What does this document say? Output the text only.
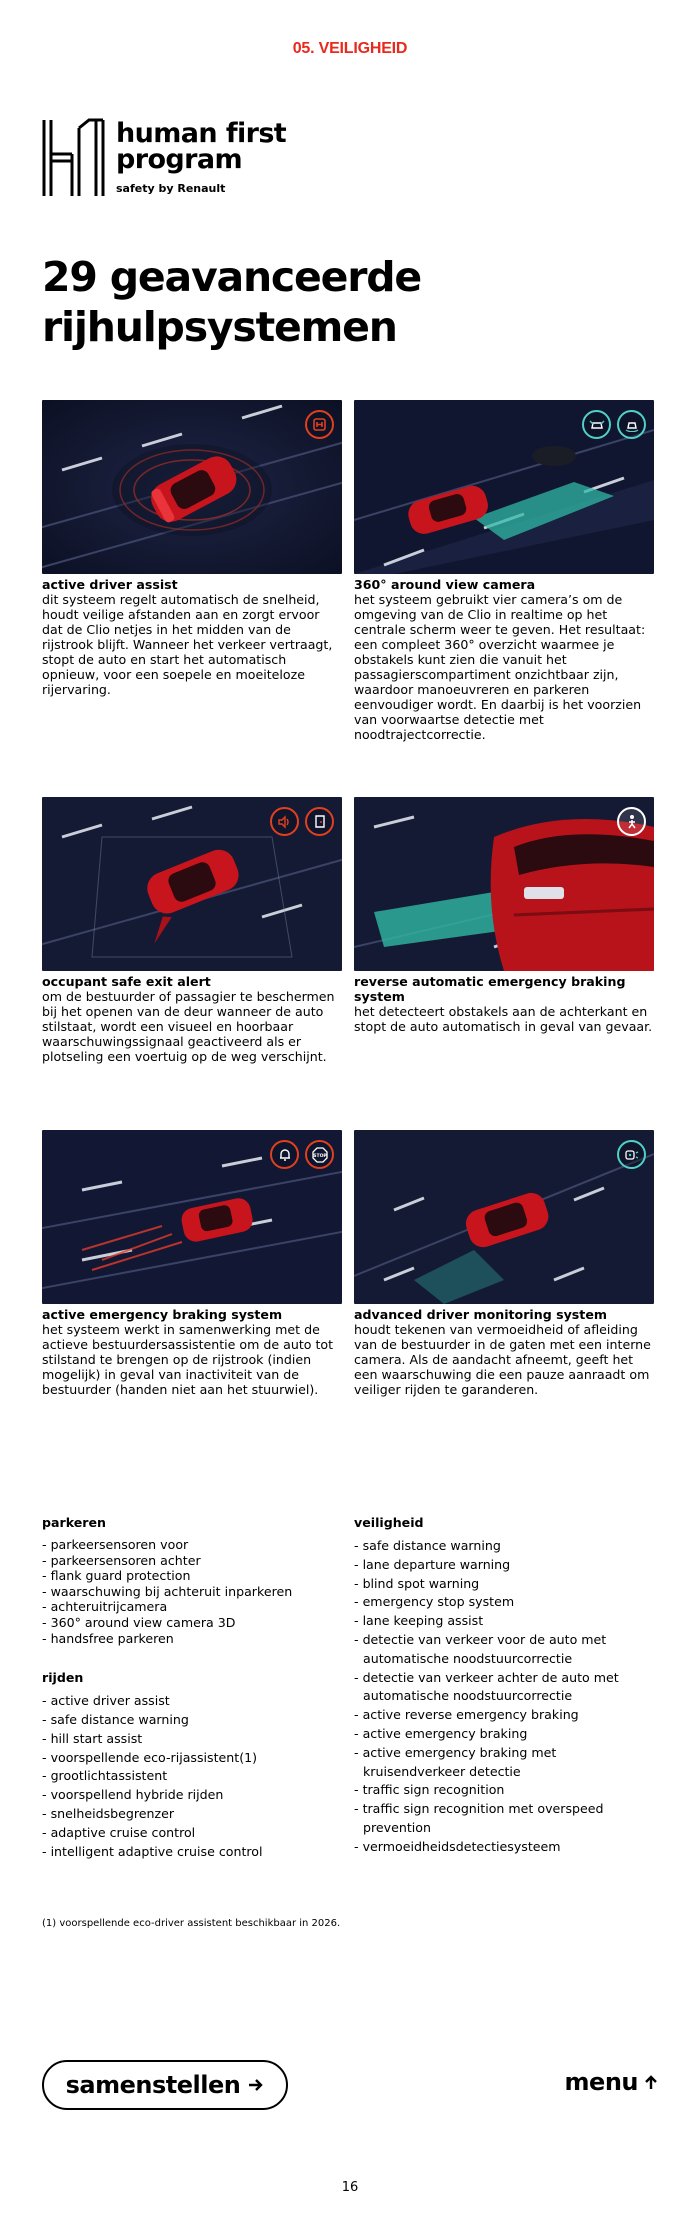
05. VEILIGHEID
human first
program
safety by Renault
29 geavanceerde
rijhulpsystemen
active driver assist
dit systeem regelt automatisch de snelheid, houdt veilige afstanden aan en zorgt ervoor dat de Clio netjes in het midden van de rijstrook blijft. Wanneer het verkeer vertraagt, stopt de auto en start het automatisch opnieuw, voor een soepele en moeiteloze rijervaring.
360° around view camera
het systeem gebruikt vier camera’s om de omgeving van de Clio in realtime op het centrale scherm weer te geven. Het resultaat: een compleet 360° overzicht waarmee je obstakels kunt zien die vanuit het passagierscompartiment onzichtbaar zijn, waardoor manoeuvreren en parkeren eenvoudiger wordt. En daarbij is het voorzien van voorwaartse detectie met noodtrajectcorrectie.
occupant safe exit alert
om de bestuurder of passagier te beschermen bij het openen van de deur wanneer de auto stilstaat, wordt een visueel en hoorbaar waarschuwingssignaal geactiveerd als er plotseling een voertuig op de weg verschijnt.
reverse automatic emergency braking system
het detecteert obstakels aan de achterkant en stopt de auto automatisch in geval van gevaar.
STOP
active emergency braking system
het systeem werkt in samenwerking met de actieve bestuurdersassistentie om de auto tot stilstand te brengen op de rijstrook (indien mogelijk) in geval van inactiviteit van de bestuurder (handen niet aan het stuurwiel).
advanced driver monitoring system
houdt tekenen van vermoeidheid of afleiding van de bestuurder in de gaten met een interne camera. Als de aandacht afneemt, geeft het een waarschuwing die een pauze aanraadt om veiliger rijden te garanderen.
parkeren
- parkeersensoren voor
- parkeersensoren achter
- flank guard protection
- waarschuwing bij achteruit inparkeren
- achteruitrijcamera
- 360° around view camera 3D
- handsfree parkeren
rijden
- active driver assist
- safe distance warning
- hill start assist
- voorspellende eco-rijassistent(1)
- grootlichtassistent
- voorspellend hybride rijden
- snelheidsbegrenzer
- adaptive cruise control
- intelligent adaptive cruise control
veiligheid
- safe distance warning
- lane departure warning
- blind spot warning
- emergency stop system
- lane keeping assist
- detectie van verkeer voor de auto met automatische noodstuurcorrectie
- detectie van verkeer achter de auto met automatische noodstuurcorrectie
- active reverse emergency braking
- active emergency braking
- active emergency braking met kruisendverkeer detectie
- traffic sign recognition
- traffic sign recognition met overspeed prevention
- vermoeidheidsdetectiesysteem
(1) voorspellende eco-driver assistent beschikbaar in 2026.
samenstellen	menu
16
